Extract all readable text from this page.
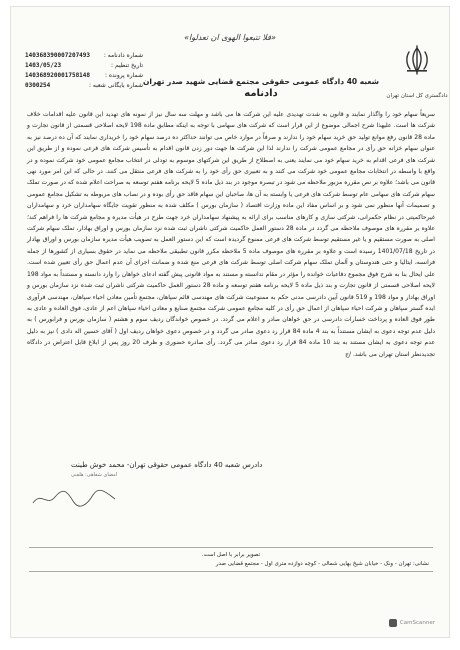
«فلا تتبعوا الهوی ان تعدلوا»
دادگستری کل استان تهران
شماره دادنامه :
140368390007207493
تاریخ تنظیم :
1403/05/23
شماره پرونده :
140368920001758148
شماره بایگانی شعبه :
0300254	شعبه 40 دادگاه عمومی حقوقی مجتمع قضایی شهید صدر تهران
دادنامه
سریعاً سهام خود را واگذار نمایند و قانون به شدت تهدیدی علیه این شرکت ها می باشد و مهلت سه سال نیز از نمونه های تهدید این قانون علیه اقدامات خلاف شرکت ها است. علیهذا شرح اجمالی موضوع از این قرار است که شرکت های سهامی با توجه به اینکه مطابق ماده 198 لایحه اصلاحی قسمتی از قانون تجارت و ماده 28 قانون رفع موانع تولید حق خرید سهام خود را ندارند و صرفاً در موارد خاص می توانند حداکثر ده درصد سهام خود را خریداری نمایند که آن ده درصد نیز به عنوان سهام خزانه حق رأی در مجامع عمومی شرکت را ندارند لذا این شرکت ها جهت دور زدن قانون اقدام به تأسیس شرکت های فرعی نموده و از طریق این شرکت های فرعی اقدام به خرید سهام خود می نمایند یعنی به اصطلاح از طریق این شرکتهای موسوم به تودلی در انتخاب مجامع عمومی خود شرکت نموده و در واقع با واسطه در انتخابات مجامع عمومی خود شرکت می کنند و به تعبیری حق رأی خود را به شرکت های فرعی منتقل می کنند. در حالی که این امر مورد نهی قانون می باشد؛ علاوه بر نص مقرره مزبور ملاحظه می شود در تبصره موجود در بند ذیل ماده 5 لایحه برنامه هفتم توسعه به صراحت اعلام شده که در صورت تملک سهام شرکت های سهامی عام توسط شرکت های فرعی یا وابسته به آن ها، صاحبان این سهام فاقد حق رأی بوده و در نصاب های مربوطه به تشکیل مجامع عمومی و تصمیمات آنها منظور نمی شود و بر اساس مفاد این ماده وزارت اقتصاد ( سازمان بورس ) مکلف شده به منظور تقویت جایگاه سهامداران خرد و سهامداران غیرحاکمیتی در نظام حکمرانی، شرکتی سازی و کارهای مناسب برای ارائه به پیشنهاد سهامداران خرد جهت طرح در هیأت مدیره و مجامع شرکت ها را فراهم کند؛ علاوه بر مقرره های موصوف ملاحظه می گردد در ماده 28 دستور العمل حاکمیت شرکتی ناشران ثبت شده نزد سازمان بورس و اوراق بهادار، تملک سهام شرکت اصلی به صورت مستقیم و یا غیر مستقیم توسط شرکت های فرعی ممنوع گردیده است که این دستور العمل به تصویب هیأت مدیره سازمان بورس و اوراق بهادار در تاریخ 1401/07/18 رسیده است و علاوه بر مقرره های موصوف ماده 5 ملاحظه مکرر قانون تطبیقی ملاحظه می نماید در حقوق بسیاری از کشورها از جمله فرانسه، ایتالیا و حتی هندوستان و آلمان تملک سهام شرکت اصلی توسط شرکت های فرعی منع شده و ضمانت اجرای آن عدم اعمال حق رأی تعیین شده است. علی ایحال بنا به شرح فوق مجموع دفاعیات خوانده را مؤثر در مقام ندانسته و مستند به مواد قانونی پیش گفته ادعای خواهان را وارد دانسته و مستنداً به مواد 198 لایحه اصلاحی قسمتی از قانون تجارت و بند ذیل ماده 5 لایحه برنامه هفتم توسعه و ماده 28 دستور العمل حاکمیت شرکتی ناشران ثبت شده نزد سازمان بورس و اوراق بهادار و مواد 198 و 519 قانون آیین دادرسی مدنی حکم به ممنوعیت شرکت های مهندسی قائم سپاهان، مجتمع تأمین معادن احیاء سپاهان، مهندسی فرآوری ایده گستر سپاهان و شرکت احیاء سپاهان از اعمال حق رأی در کلیه مجامع عمومی شرکت مجتمع صنایع و معادن احیاء سپاهان اعم از عادی، فوق العاده و عادی به طور فوق العاده و پرداخت خسارات دادرسی در حق خواهان صادر و اعلام می گردد. در خصوص خواندگان ردیف سوم و هشتم ( سازمان بورس و فرابورس ) به دلیل عدم توجه دعوی به ایشان مستنداً به بند 4 ماده 84 قرار رد دعوی صادر می گردد و در خصوص دعوی خواهان ردیف اول ( آقای حسین اله دادی ) نیز به دلیل عدم توجه دعوی به ایشان مستند به بند 10 ماده 84 قرار رد دعوی صادر می گردد. رأی صادره حضوری و ظرف 20 روز پس از ابلاغ قابل اعتراض در دادگاه تجدیدنظر استان تهران می باشد. /ج
دادرس شعبه 40 دادگاه عمومی حقوقی تهران- محمد خوش طینت
امضای شفاهی: هلفنی
تصویر برابر با اصل است.
نشانی: تهران - ونک - خیابان شیخ بهایی شمالی - کوچه دوازده متری اول - مجتمع قضایی صدر
CamScanner
